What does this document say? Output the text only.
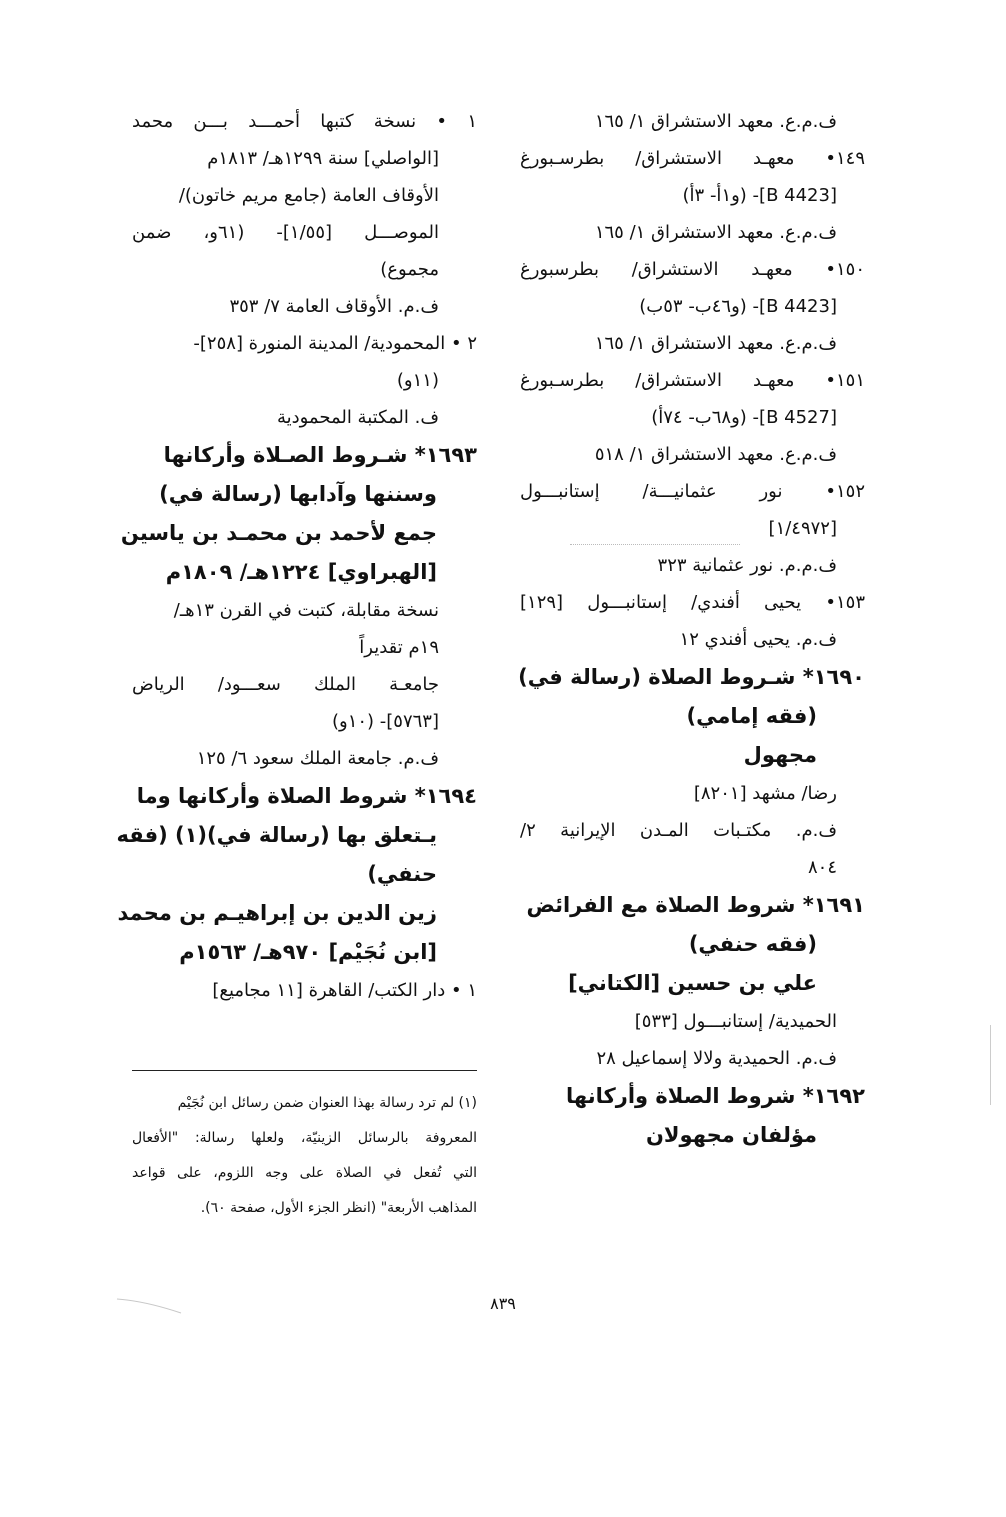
ف.م.ع. معهد الاستشراق ١/ ١٦٥
١٤٩• معهـد الاستشراق/ بطرسـبورغ
[B 4423]- (و١أ- ٣أ)
ف.م.ع. معهد الاستشراق ١/ ١٦٥
١٥٠• معهـد الاستشراق/ بطرسبورغ
[B 4423]- (و٤٦ب- ٥٣ب)
ف.م.ع. معهد الاستشراق ١/ ١٦٥
١٥١• معهـد الاستشراق/ بطرسـبورغ
[B 4527]- (و٦٨ب- ٧٤أ)
ف.م.ع. معهد الاستشراق ١/ ٥١٨
١٥٢• نور عثمانيـــة/ إستانبـــول
[١/٤٩٧٢]
ف.م.م. نور عثمانية ٣٢٣
١٥٣• يحيى أفندي/ إستانبـــول [١٢٩]
ف.م. يحيى أفندي ١٢
١٦٩٠* شـروط الصلاة (رسالة في)
(فقه إمامي)
مجهول
رضا/ مشهد [٨٢٠١]
ف.م. مكتـبات المـدن الإيرانية ٢/
٨٠٤
١٦٩١* شروط الصلاة مع الفرائض
(فقه حنفي)
علي بن حسين [الكتاني]
الحميدية/ إستانبـــول [٥٣٣]
ف.م. الحميدية ولالا إسماعيل ٢٨
١٦٩٢* شروط الصلاة وأركانها
مؤلفان مجهولان
١ • نسخة كتبها أحمـــد بـــن محمد
[الواصلي] سنة ١٢٩٩هـ/ ١٨١٣م
الأوقاف العامة (جامع مريم خاتون)/
الموصـــل [١/٥٥]- (٦١و، ضمن
مجموع)
ف.م. الأوقاف العامة ٧/ ٣٥٣
٢ • المحمودية/ المدينة المنورة [٢٥٨]-
(١١و)
ف. المكتبة المحمودية
١٦٩٣* شـروط الصـلاة وأركانها
وسننها وآدابها (رسالة في)
جمع لأحمد بن محمـد بن ياسين
[الهبراوي] ١٢٢٤هـ/ ١٨٠٩م
نسخة مقابلة، كتبت في القرن ١٣هـ/
١٩م تقديراً
جامعـة الملك سعـــود/ الرياض
[٥٧٦٣]- (١٠و)
ف.م. جامعة الملك سعود ٦/ ١٢٥
١٦٩٤* شروط الصلاة وأركانها وما
يـتعلق بها (رسالة في)(١) (فقه
حنفي)
زين الدين بن إبراهيـم بن محمد
[ابن نُجَيْم] ٩٧٠هـ/ ١٥٦٣م
١ • دار الكتب/ القاهرة [١١ مجاميع]
(١) لم ترد رسالة بهذا العنوان ضمن رسائل ابن نُجَيْم
المعروفة بالرسائل الزينيّة، ولعلها رسالة: "الأفعال
التي تُفعل في الصلاة على وجه اللزوم، على قواعد
المذاهب الأربعة" (انظر الجزء الأول، صفحة ٦٠).
٨٣٩
